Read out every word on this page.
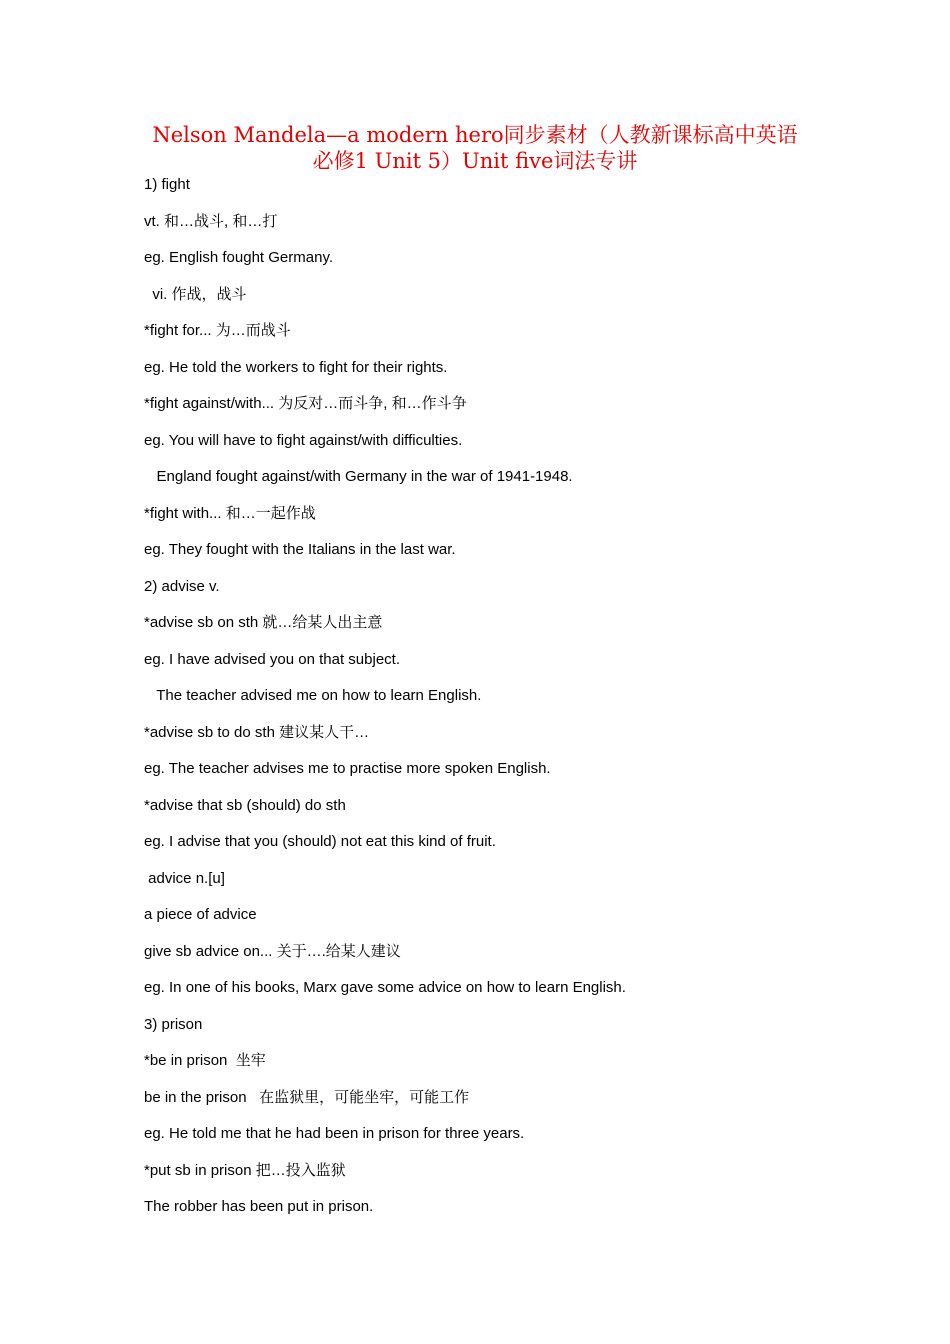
Nelson Mandela—a modern hero同步素材（人教新课标高中英语
必修1 Unit 5）Unit five词法专讲
1) fight
vt. 和…战斗, 和…打
eg. English fought Germany.
vi. 作战，战斗
*fight for... 为…而战斗
eg. He told the workers to fight for their rights.
*fight against/with... 为反对…而斗争, 和…作斗争
eg. You will have to fight against/with difficulties.
England fought against/with Germany in the war of 1941-1948.
*fight with... 和…一起作战
eg. They fought with the Italians in the last war.
2) advise v.
*advise sb on sth 就…给某人出主意
eg. I have advised you on that subject.
The teacher advised me on how to learn English.
*advise sb to do sth 建议某人干…
eg. The teacher advises me to practise more spoken English.
*advise that sb (should) do sth
eg. I advise that you (should) not eat this kind of fruit.
advice n.[u]
a piece of advice
give sb advice on... 关于….给某人建议
eg. In one of his books, Marx gave some advice on how to learn English.
3) prison
*be in prison  坐牢
be in the prison   在监狱里，可能坐牢，可能工作
eg. He told me that he had been in prison for three years.
*put sb in prison 把…投入监狱
The robber has been put in prison.
